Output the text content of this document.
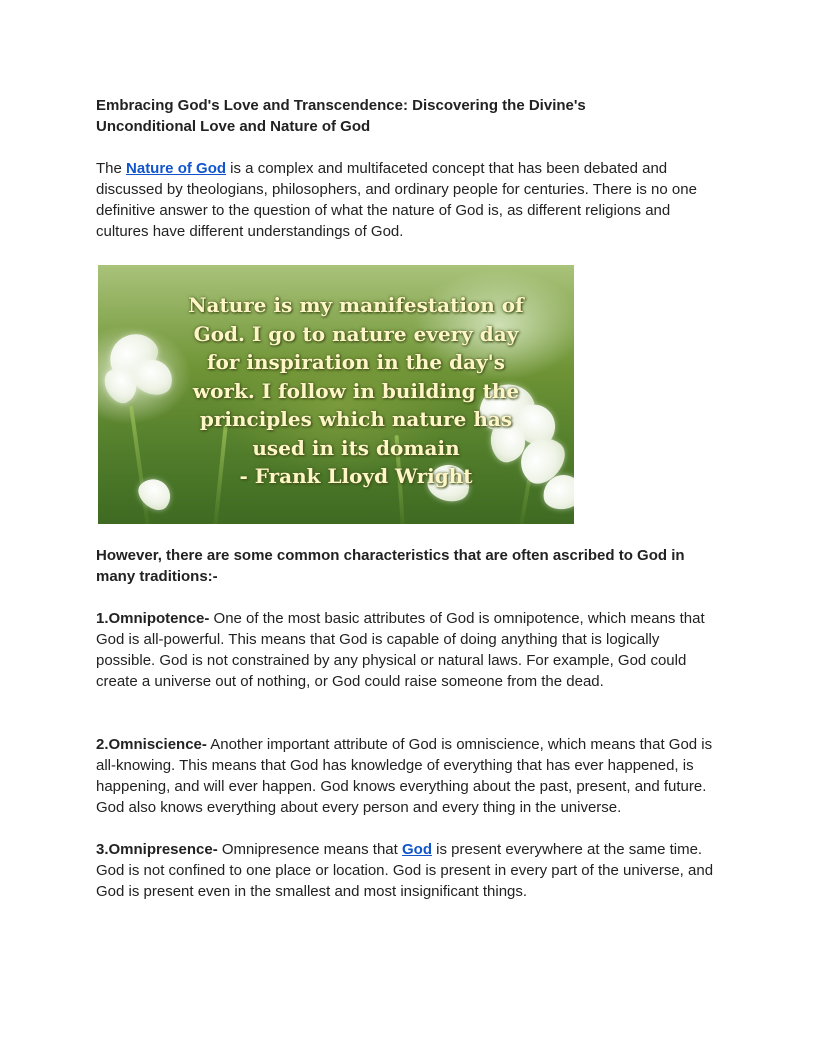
Embracing God's Love and Transcendence: Discovering the Divine's
Unconditional Love and Nature of God

The Nature of God is a complex and multifaceted concept that has been debated and discussed by theologians, philosophers, and ordinary people for centuries. There is no one definitive answer to the question of what the nature of God is, as different religions and cultures have different understandings of God.

Nature is my manifestation of
God. I go to nature every day
for inspiration in the day's
work. I follow in building the
principles which nature has
used in its domain
- Frank Lloyd Wright

However, there are some common characteristics that are often ascribed to God in many traditions:-

1.Omnipotence- One of the most basic attributes of God is omnipotence, which means that God is all-powerful. This means that God is capable of doing anything that is logically possible. God is not constrained by any physical or natural laws. For example, God could create a universe out of nothing, or God could raise someone from the dead.

2.Omniscience- Another important attribute of God is omniscience, which means that God is all-knowing. This means that God has knowledge of everything that has ever happened, is happening, and will ever happen. God knows everything about the past, present, and future. God also knows everything about every person and every thing in the universe.

3.Omnipresence- Omnipresence means that God is present everywhere at the same time. God is not confined to one place or location. God is present in every part of the universe, and God is present even in the smallest and most insignificant things.
